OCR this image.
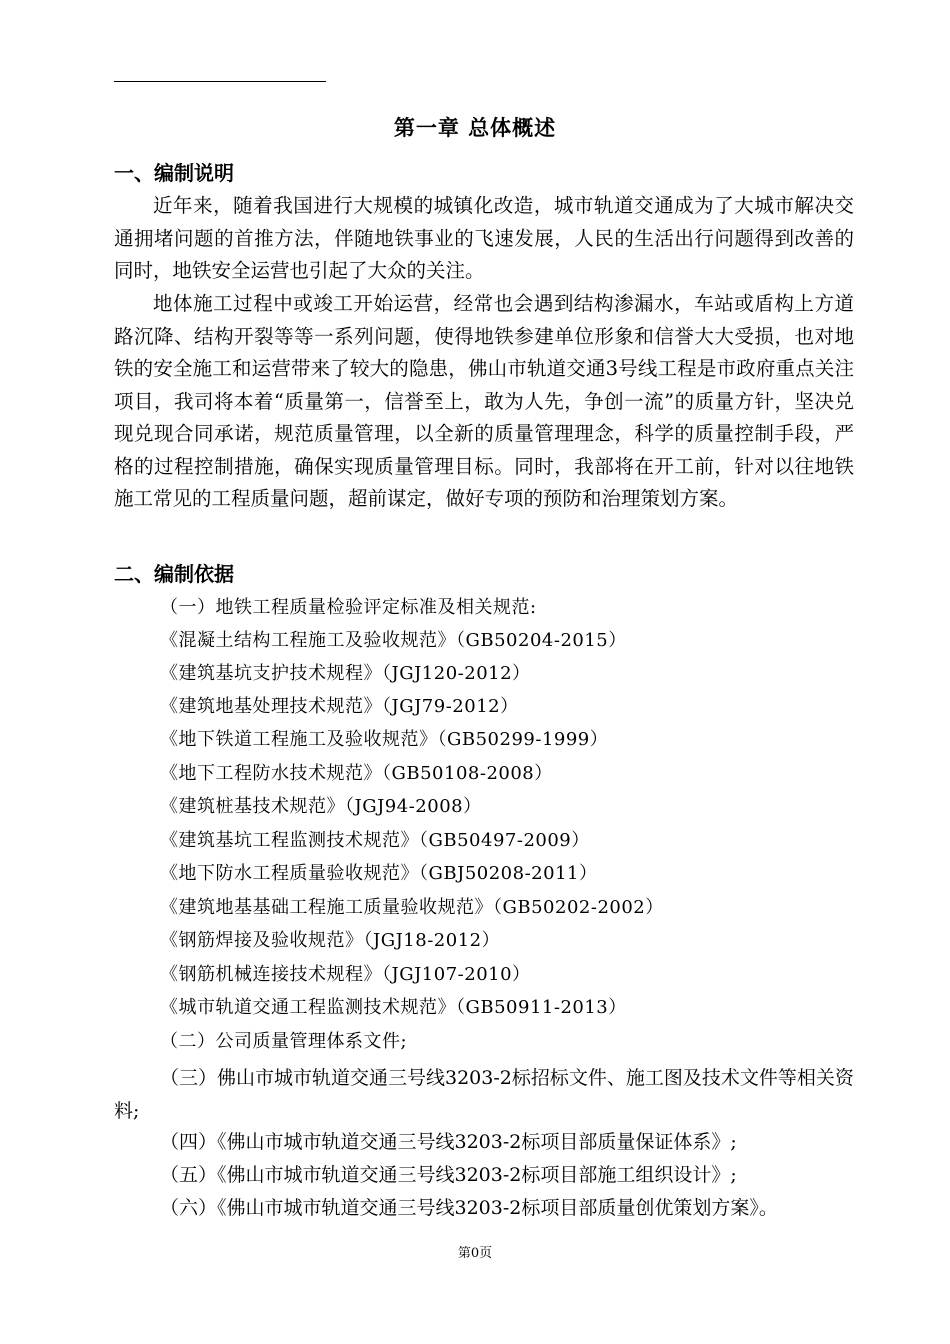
第一章 总体概述
一、编制说明
近年来，随着我国进行大规模的城镇化改造，城市轨道交通成为了大城市解决交通拥堵问题的首推方法，伴随地铁事业的飞速发展，人民的生活出行问题得到改善的同时，地铁安全运营也引起了大众的关注。
地体施工过程中或竣工开始运营，经常也会遇到结构渗漏水，车站或盾构上方道路沉降、结构开裂等等一系列问题，使得地铁参建单位形象和信誉大大受损，也对地铁的安全施工和运营带来了较大的隐患，佛山市轨道交通3号线工程是市政府重点关注项目，我司将本着“质量第一，信誉至上，敢为人先，争创一流”的质量方针，坚决兑现兑现合同承诺，规范质量管理，以全新的质量管理理念，科学的质量控制手段，严格的过程控制措施，确保实现质量管理目标。同时，我部将在开工前，针对以往地铁施工常见的工程质量问题，超前谋定，做好专项的预防和治理策划方案。
二、编制依据
（一）地铁工程质量检验评定标准及相关规范:
《混凝土结构工程施工及验收规范》（GB50204-2015）
《建筑基坑支护技术规程》（JGJ120-2012）
《建筑地基处理技术规范》（JGJ79-2012）
《地下铁道工程施工及验收规范》（GB50299-1999）
《地下工程防水技术规范》（GB50108-2008）
《建筑桩基技术规范》（JGJ94-2008）
《建筑基坑工程监测技术规范》（GB50497-2009）
《地下防水工程质量验收规范》（GBJ50208-2011）
《建筑地基基础工程施工质量验收规范》（GB50202-2002）
《钢筋焊接及验收规范》（JGJ18-2012）
《钢筋机械连接技术规程》（JGJ107-2010）
《城市轨道交通工程监测技术规范》（GB50911-2013）
（二）公司质量管理体系文件;
（三）佛山市城市轨道交通三号线3203-2标招标文件、施工图及技术文件等相关资料;
（四）《佛山市城市轨道交通三号线3203-2标项目部质量保证体系》;
（五）《佛山市城市轨道交通三号线3203-2标项目部施工组织设计》;
（六）《佛山市城市轨道交通三号线3203-2标项目部质量创优策划方案》。
第0页
